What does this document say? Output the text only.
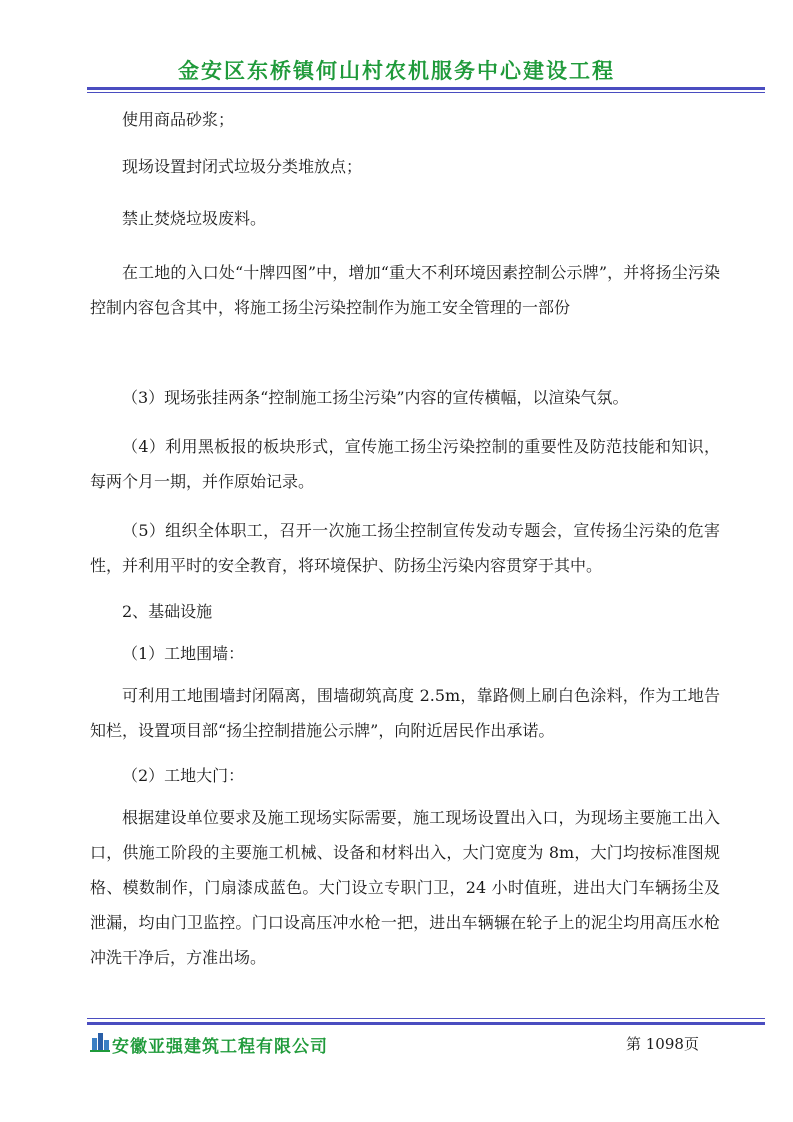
金安区东桥镇何山村农机服务中心建设工程

使用商品砂浆；

现场设置封闭式垃圾分类堆放点；

禁止焚烧垃圾废料。

在工地的入口处“十牌四图”中，增加“重大不利环境因素控制公示牌”，并将扬尘污染控制内容包含其中，将施工扬尘污染控制作为施工安全管理的一部份

（3）现场张挂两条“控制施工扬尘污染”内容的宣传横幅，以渲染气氛。

（4）利用黑板报的板块形式，宣传施工扬尘污染控制的重要性及防范技能和知识，每两个月一期，并作原始记录。

（5）组织全体职工，召开一次施工扬尘控制宣传发动专题会，宣传扬尘污染的危害性，并利用平时的安全教育，将环境保护、防扬尘污染内容贯穿于其中。

2、基础设施

（1）工地围墙：

可利用工地围墙封闭隔离，围墙砌筑高度 2.5m，靠路侧上刷白色涂料，作为工地告知栏，设置项目部“扬尘控制措施公示牌”，向附近居民作出承诺。

（2）工地大门：

根据建设单位要求及施工现场实际需要，施工现场设置出入口，为现场主要施工出入口，供施工阶段的主要施工机械、设备和材料出入，大门宽度为 8m，大门均按标准图规格、模数制作，门扇漆成蓝色。大门设立专职门卫，24 小时值班，进出大门车辆扬尘及泄漏，均由门卫监控。门口设高压冲水枪一把，进出车辆辗在轮子上的泥尘均用高压水枪冲洗干净后，方准出场。

安徽亚强建筑工程有限公司	第 1098页
